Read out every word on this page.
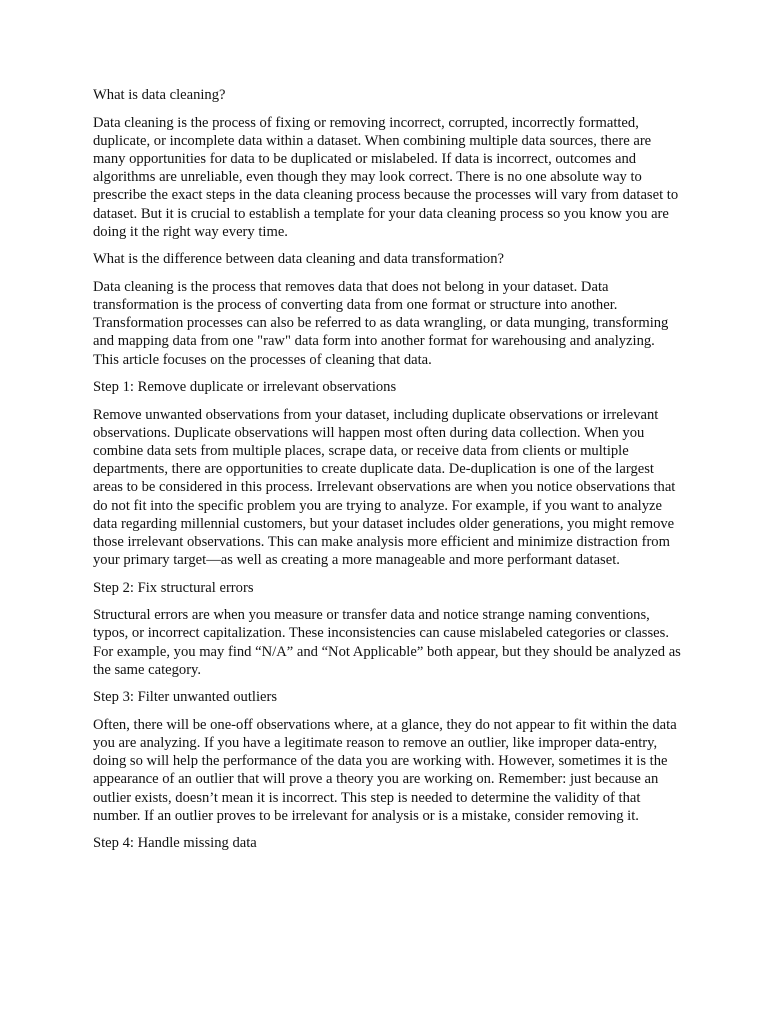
What is data cleaning?
Data cleaning is the process of fixing or removing incorrect, corrupted, incorrectly formatted, duplicate, or incomplete data within a dataset. When combining multiple data sources, there are many opportunities for data to be duplicated or mislabeled. If data is incorrect, outcomes and algorithms are unreliable, even though they may look correct. There is no one absolute way to prescribe the exact steps in the data cleaning process because the processes will vary from dataset to dataset. But it is crucial to establish a template for your data cleaning process so you know you are doing it the right way every time.
What is the difference between data cleaning and data transformation?
Data cleaning is the process that removes data that does not belong in your dataset. Data transformation is the process of converting data from one format or structure into another. Transformation processes can also be referred to as data wrangling, or data munging, transforming and mapping data from one "raw" data form into another format for warehousing and analyzing. This article focuses on the processes of cleaning that data.
Step 1: Remove duplicate or irrelevant observations
Remove unwanted observations from your dataset, including duplicate observations or irrelevant observations. Duplicate observations will happen most often during data collection. When you combine data sets from multiple places, scrape data, or receive data from clients or multiple departments, there are opportunities to create duplicate data. De-duplication is one of the largest areas to be considered in this process. Irrelevant observations are when you notice observations that do not fit into the specific problem you are trying to analyze. For example, if you want to analyze data regarding millennial customers, but your dataset includes older generations, you might remove those irrelevant observations. This can make analysis more efficient and minimize distraction from your primary target—as well as creating a more manageable and more performant dataset.
Step 2: Fix structural errors
Structural errors are when you measure or transfer data and notice strange naming conventions, typos, or incorrect capitalization. These inconsistencies can cause mislabeled categories or classes. For example, you may find “N/A” and “Not Applicable” both appear, but they should be analyzed as the same category.
Step 3: Filter unwanted outliers
Often, there will be one-off observations where, at a glance, they do not appear to fit within the data you are analyzing. If you have a legitimate reason to remove an outlier, like improper data-entry, doing so will help the performance of the data you are working with. However, sometimes it is the appearance of an outlier that will prove a theory you are working on. Remember: just because an outlier exists, doesn’t mean it is incorrect. This step is needed to determine the validity of that number. If an outlier proves to be irrelevant for analysis or is a mistake, consider removing it.
Step 4: Handle missing data
